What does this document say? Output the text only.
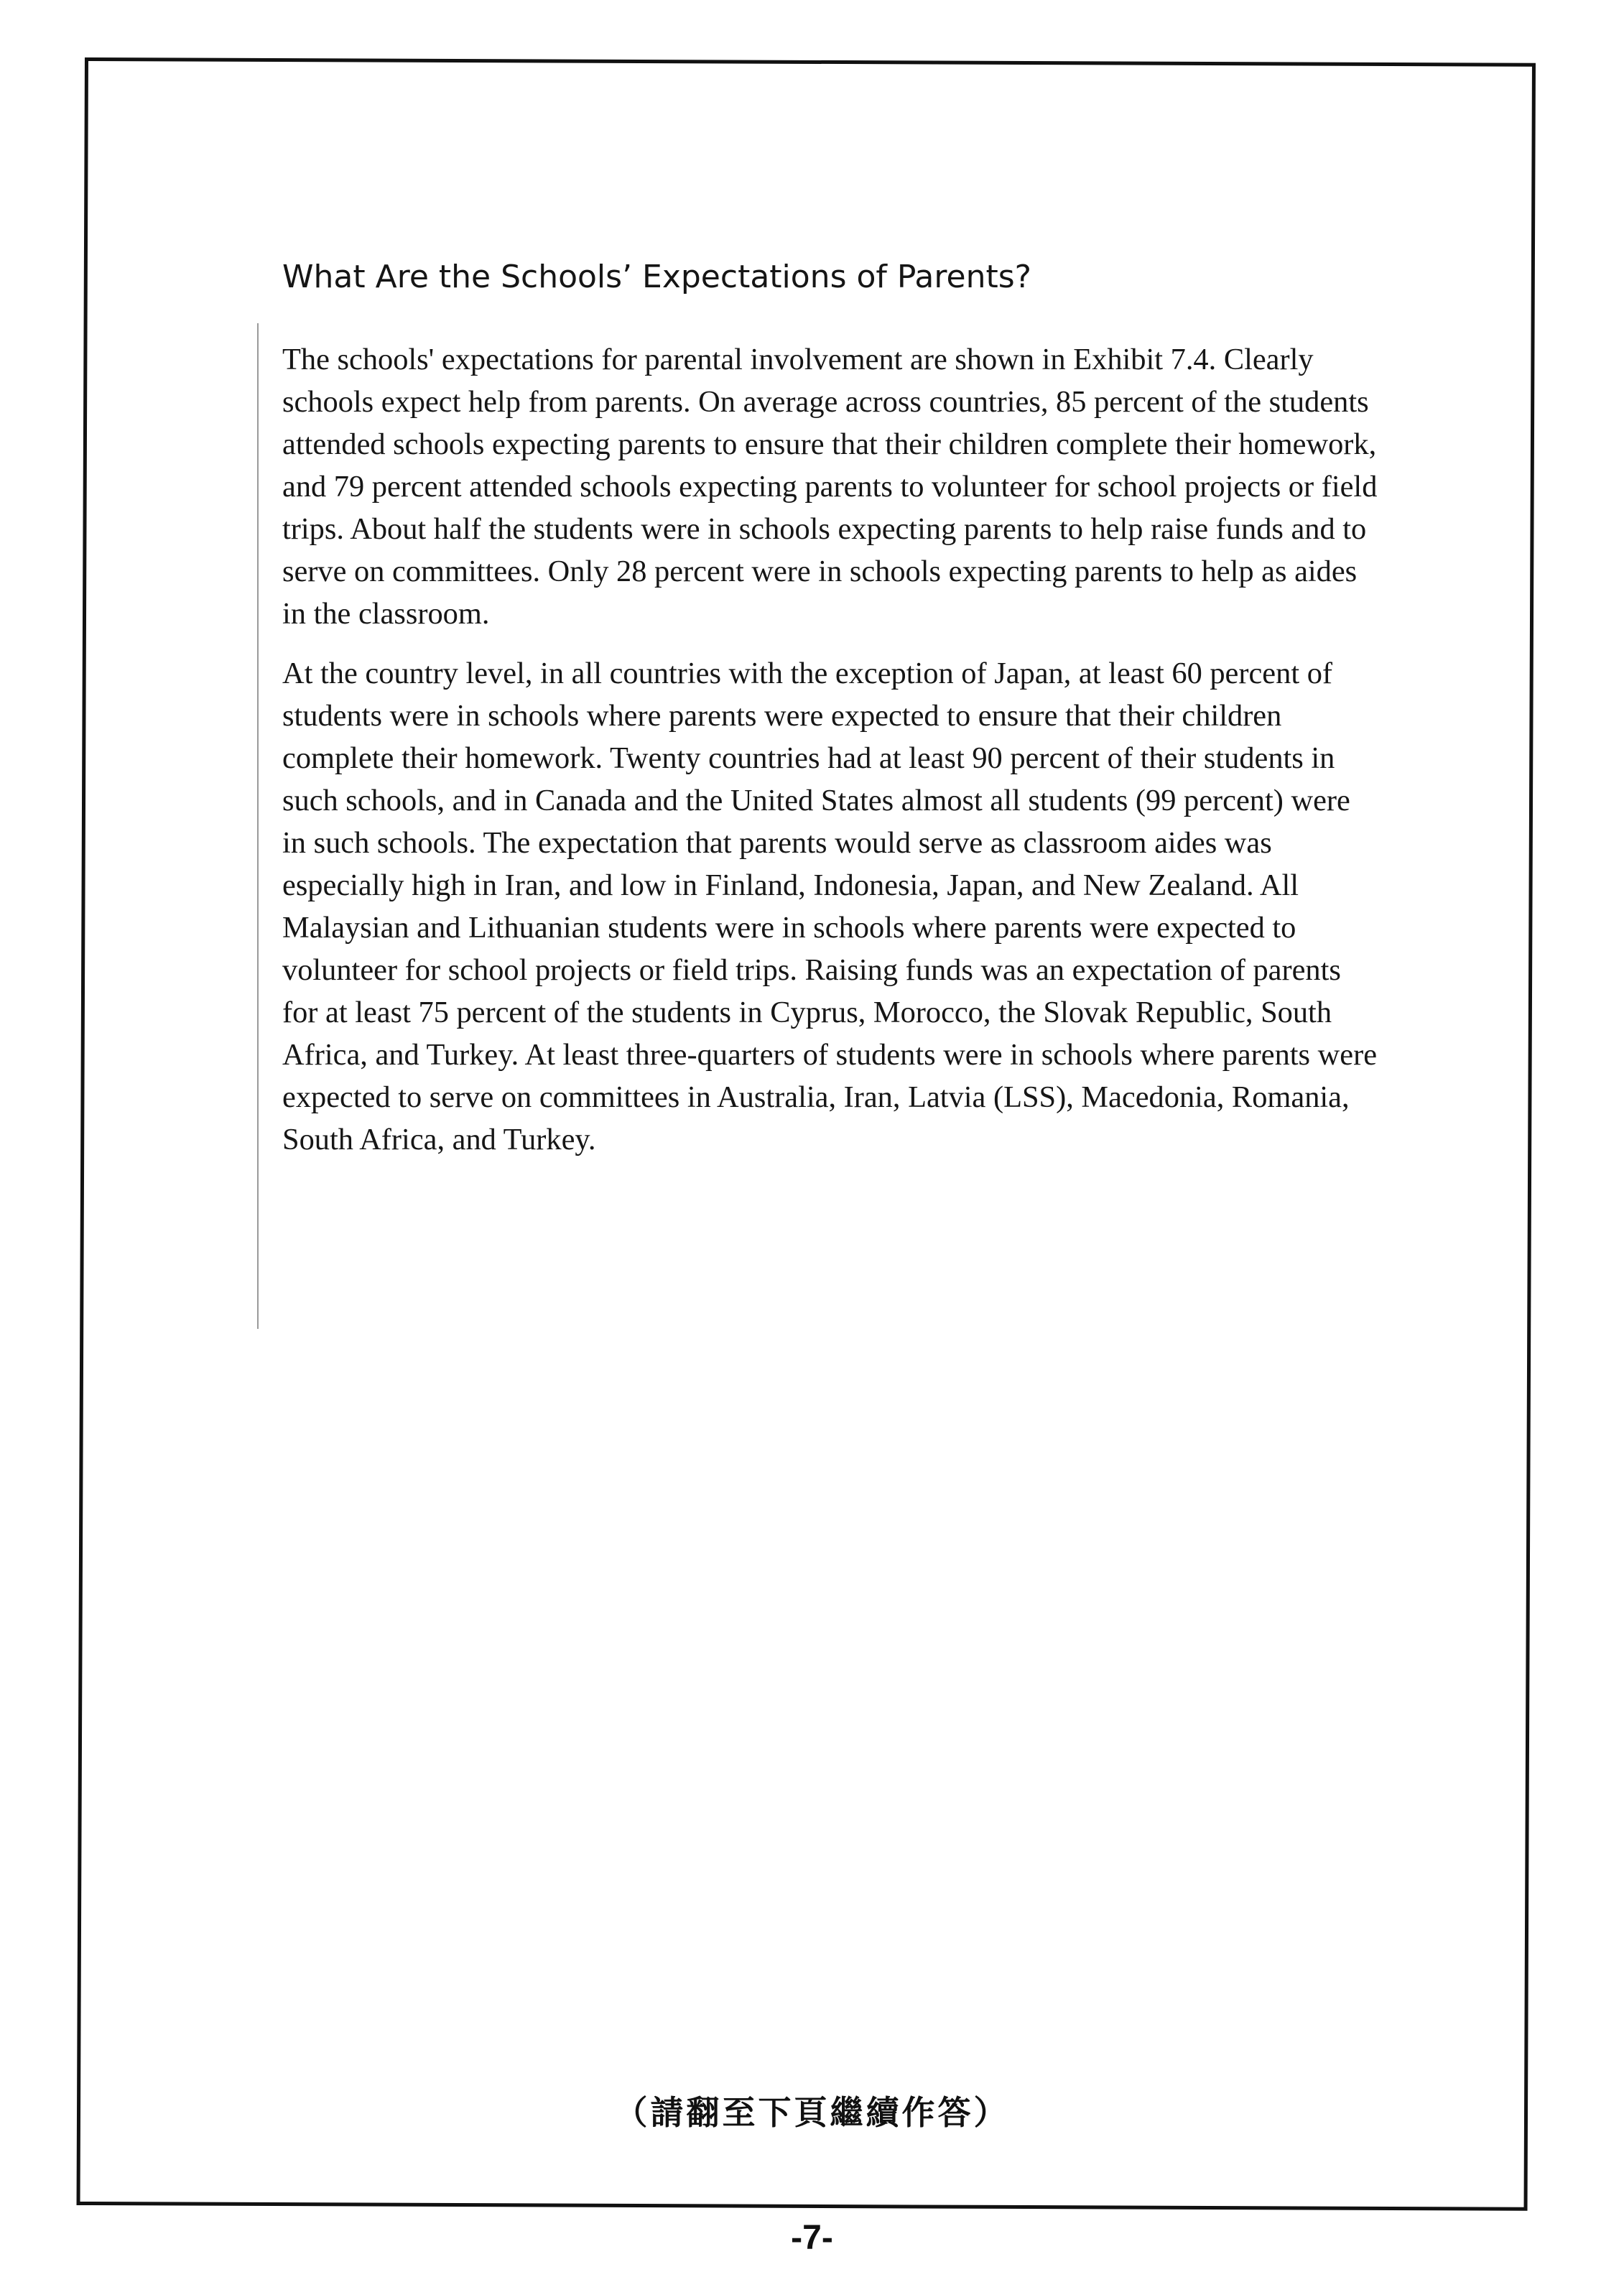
What Are the Schools’ Expectations of Parents?

The schools' expectations for parental involvement are shown in Exhibit 7.4. Clearly schools expect help from parents. On average across countries, 85 percent of the students attended schools expecting parents to ensure that their children complete their homework, and 79 percent attended schools expecting parents to volunteer for school projects or field trips. About half the students were in schools expecting parents to help raise funds and to serve on committees. Only 28 percent were in schools expecting parents to help as aides in the classroom.

At the country level, in all countries with the exception of Japan, at least 60 percent of students were in schools where parents were expected to ensure that their children complete their homework. Twenty countries had at least 90 percent of their students in such schools, and in Canada and the United States almost all students (99 percent) were in such schools. The expectation that parents would serve as classroom aides was especially high in Iran, and low in Finland, Indonesia, Japan, and New Zealand. All Malaysian and Lithuanian students were in schools where parents were expected to volunteer for school projects or field trips. Raising funds was an expectation of parents for at least 75 percent of the students in Cyprus, Morocco, the Slovak Republic, South Africa, and Turkey. At least three-quarters of students were in schools where parents were expected to serve on committees in Australia, Iran, Latvia (LSS), Macedonia, Romania, South Africa, and Turkey.

（請翻至下頁繼續作答）
-7-
